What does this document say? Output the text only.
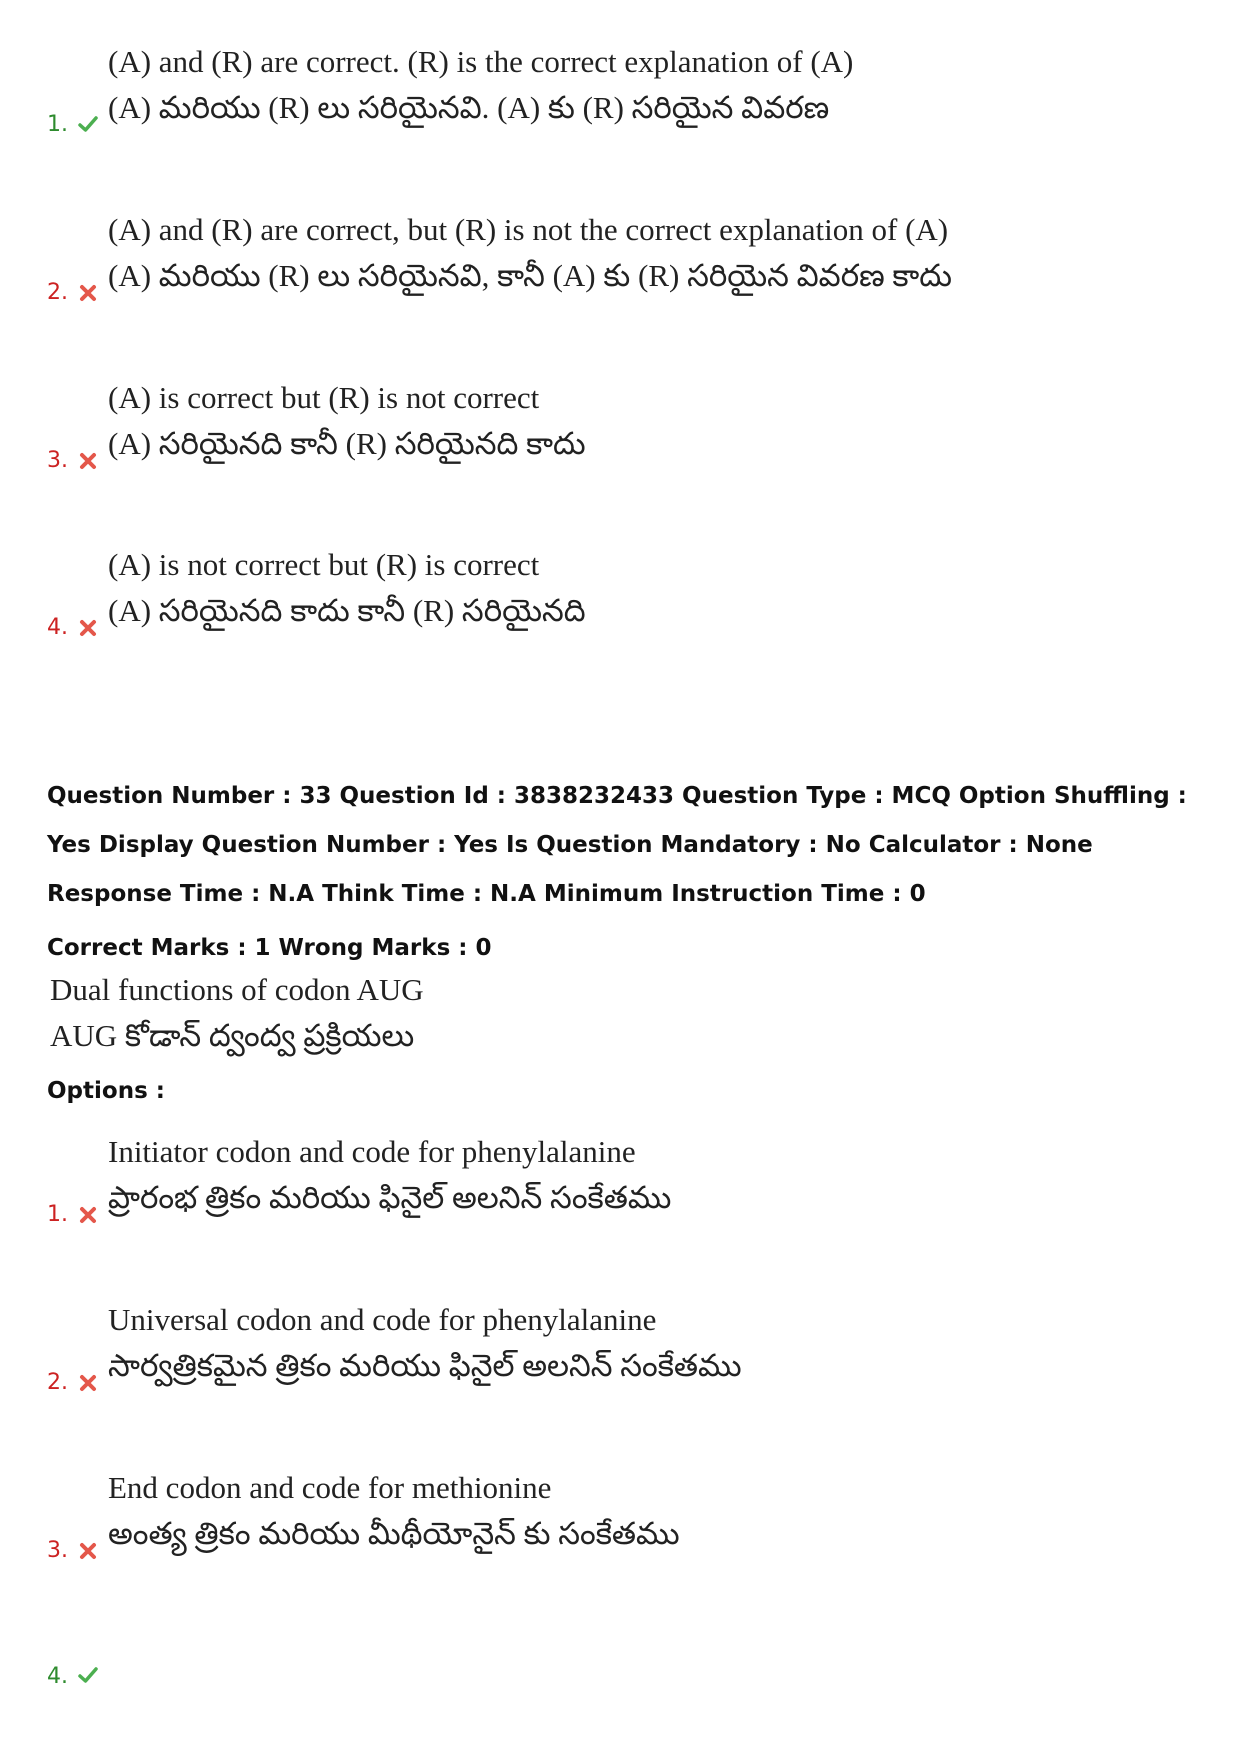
(A) and (R) are correct. (R) is the correct explanation of (A)
(A) మరియు (R) లు సరియైనవి. (A) కు (R) సరియైన వివరణ
1.
(A) and (R) are correct, but (R) is not the correct explanation of (A)
(A) మరియు (R) లు సరియైనవి, కానీ (A) కు (R) సరియైన వివరణ కాదు
2.
(A) is correct but (R) is not correct
(A) సరియైనది కానీ (R) సరియైనది కాదు
3.
(A) is not correct but (R) is correct
(A) సరియైనది కాదు కానీ (R) సరియైనది
4.
Question Number : 33 Question Id : 3838232433 Question Type : MCQ Option Shuffling : Yes Display Question Number : Yes Is Question Mandatory : No Calculator : None Response Time : N.A Think Time : N.A Minimum Instruction Time : 0
Correct Marks : 1 Wrong Marks : 0
Dual functions of codon AUG
AUG కోడాన్ ద్వంద్వ ప్రక్రియలు
Options :
Initiator codon and code for phenylalanine
ప్రారంభ త్రికం మరియు ఫినైల్ అలనిన్ సంకేతము
1.
Universal codon and code for phenylalanine
సార్వత్రికమైన త్రికం మరియు ఫినైల్ అలనిన్ సంకేతము
2.
End codon and code for methionine
అంత్య త్రికం మరియు మీథీయోనైన్ కు సంకేతము
3.
4.
